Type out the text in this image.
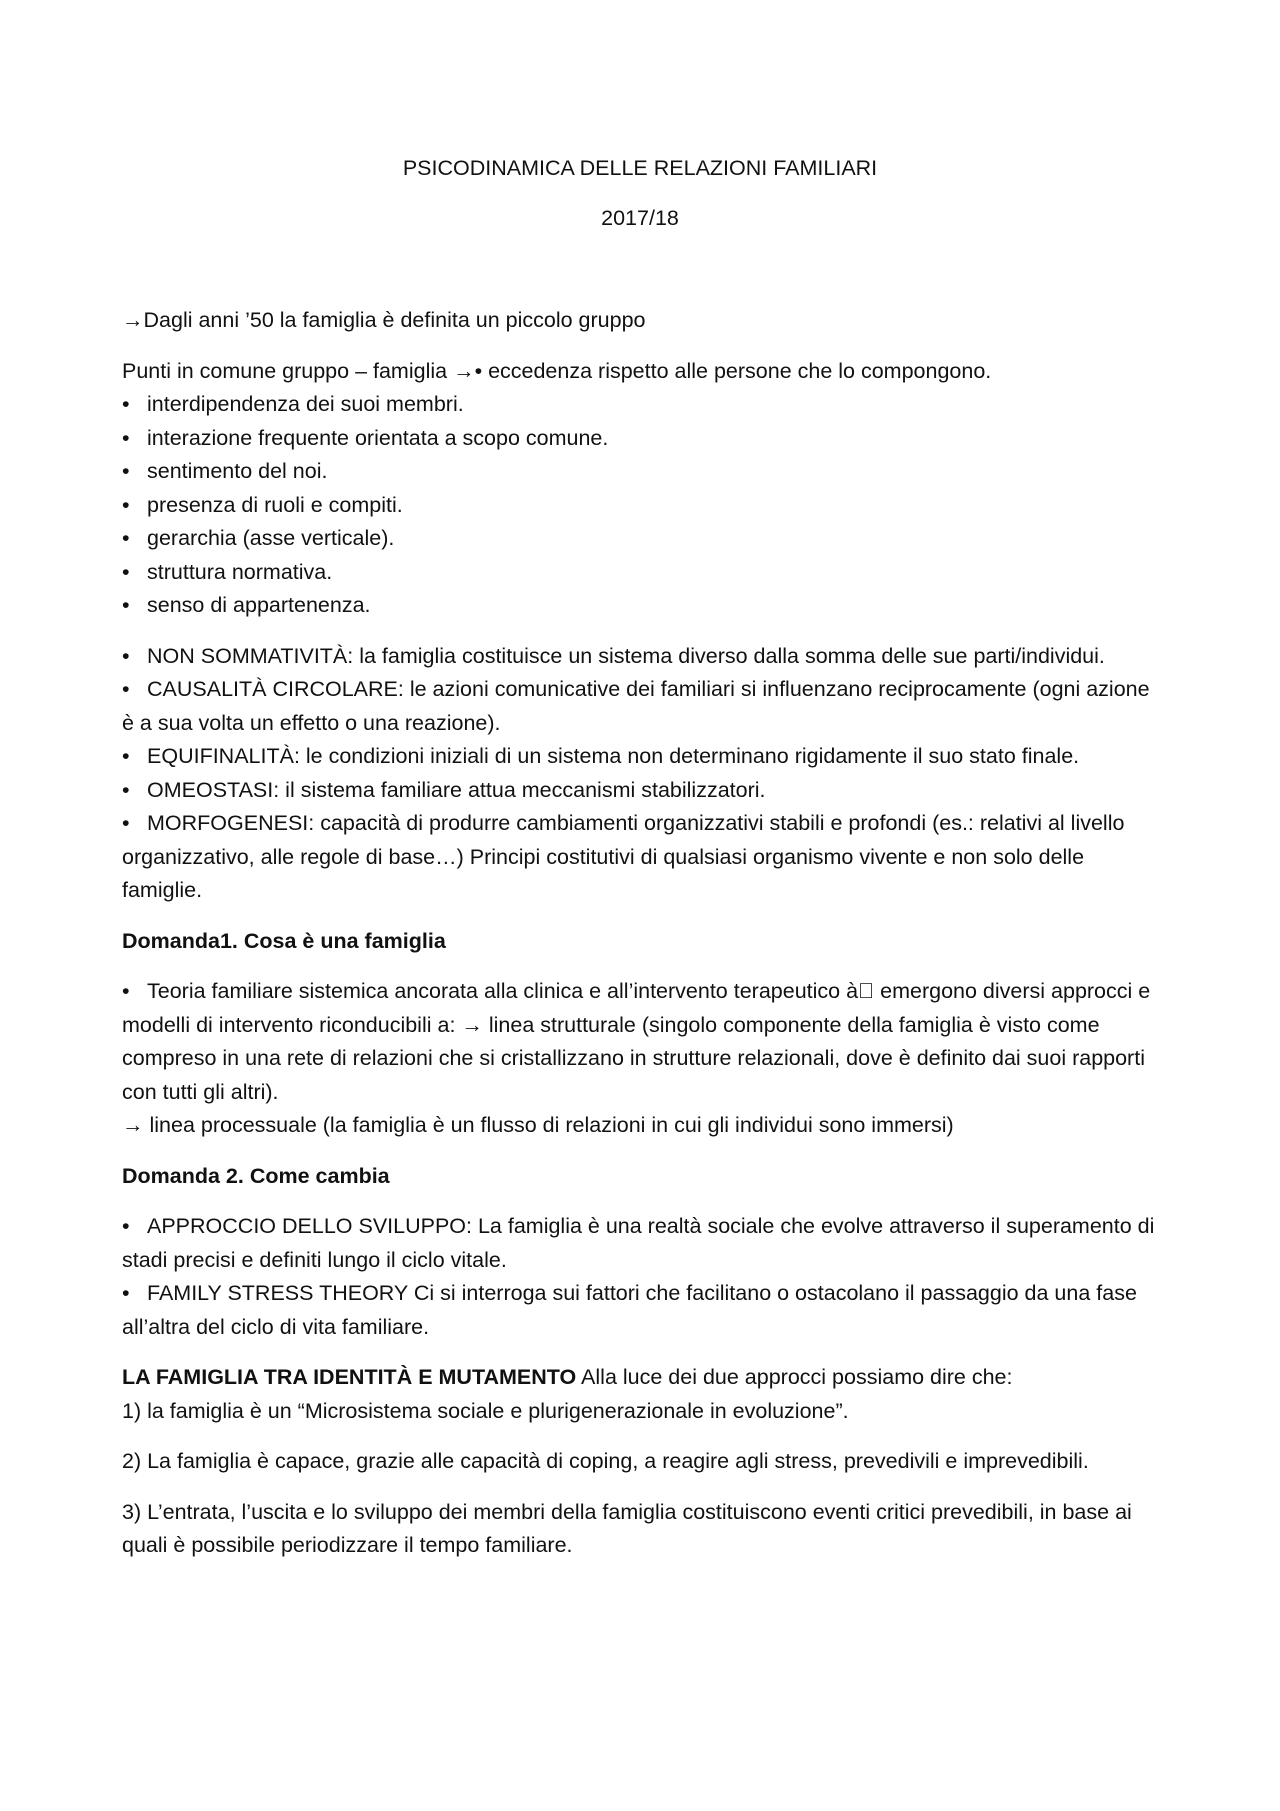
PSICODINAMICA DELLE RELAZIONI FAMILIARI
2017/18

→Dagli anni ’50 la famiglia è definita un piccolo gruppo

Punti in comune gruppo – famiglia →• eccedenza rispetto alle persone che lo compongono.
• interdipendenza dei suoi membri.
• interazione frequente orientata a scopo comune.
• sentimento del noi.
• presenza di ruoli e compiti.
• gerarchia (asse verticale).
• struttura normativa.
• senso di appartenenza.
• NON SOMMATIVITÀ: la famiglia costituisce un sistema diverso dalla somma delle sue parti/individui.
• CAUSALITÀ CIRCOLARE: le azioni comunicative dei familiari si influenzano reciprocamente (ogni azione è a sua volta un effetto o una reazione).
• EQUIFINALITÀ: le condizioni iniziali di un sistema non determinano rigidamente il suo stato finale.
• OMEOSTASI: il sistema familiare attua meccanismi stabilizzatori.
• MORFOGENESI: capacità di produrre cambiamenti organizzativi stabili e profondi (es.: relativi al livello organizzativo, alle regole di base…) Principi costitutivi di qualsiasi organismo vivente e non solo delle famiglie.

Domanda1. Cosa è una famiglia

• Teoria familiare sistemica ancorata alla clinica e all’intervento terapeutico à  emergono diversi approcci e modelli di intervento riconducibili a: → linea strutturale (singolo componente della famiglia è visto come compreso in una rete di relazioni che si cristallizzano in strutture relazionali, dove è definito dai suoi rapporti con tutti gli altri).
→ linea processuale (la famiglia è un flusso di relazioni in cui gli individui sono immersi)

Domanda 2. Come cambia

• APPROCCIO DELLO SVILUPPO: La famiglia è una realtà sociale che evolve attraverso il superamento di stadi precisi e definiti lungo il ciclo vitale.
• FAMILY STRESS THEORY Ci si interroga sui fattori che facilitano o ostacolano il passaggio da una fase all’altra del ciclo di vita familiare.
LA FAMIGLIA TRA IDENTITÀ E MUTAMENTO Alla luce dei due approcci possiamo dire che:
1) la famiglia è un “Microsistema sociale e plurigenerazionale in evoluzione”.

2) La famiglia è capace, grazie alle capacità di coping, a reagire agli stress, prevedivili e imprevedibili.

3) L’entrata, l’uscita e lo sviluppo dei membri della famiglia costituiscono eventi critici prevedibili, in base ai quali è possibile periodizzare il tempo familiare.
